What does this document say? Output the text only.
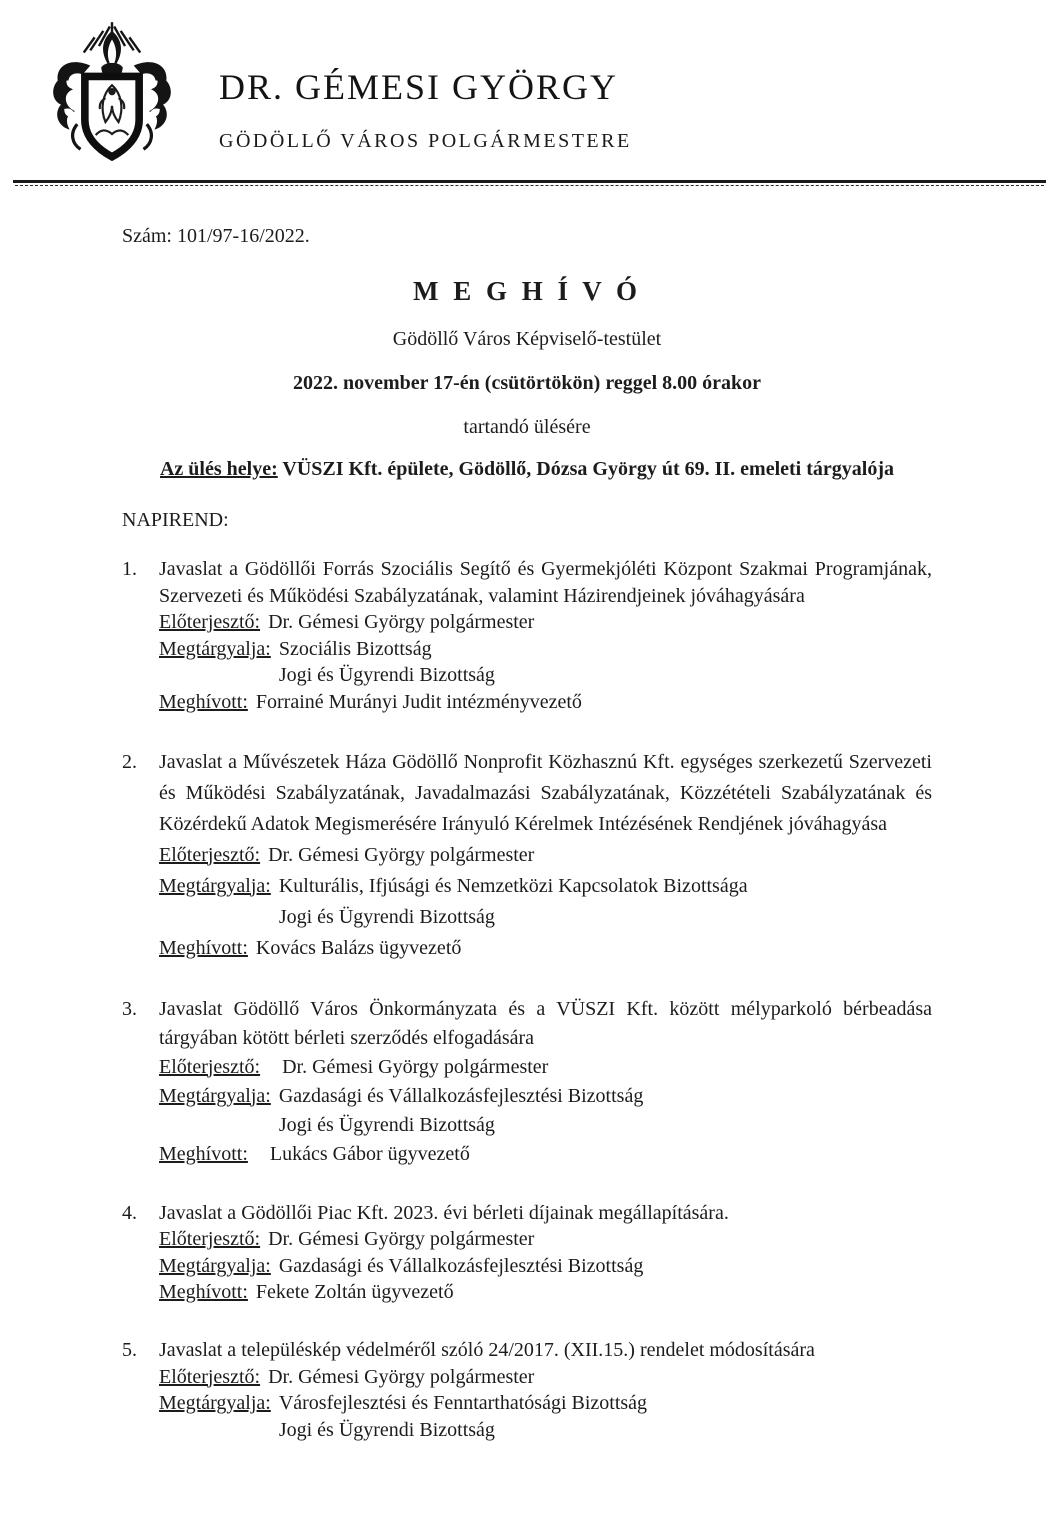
DR. GÉMESI GYÖRGY
GÖDÖLLŐ VÁROS POLGÁRMESTERE
Szám: 101/97-16/2022.
M E G H Í V Ó
Gödöllő Város Képviselő-testület
2022. november 17-én (csütörtökön) reggel 8.00 órakor
tartandó ülésére
Az ülés helye: VÜSZI Kft. épülete, Gödöllő, Dózsa György út 69. II. emeleti tárgyalója
NAPIREND:
1.	Javaslat a Gödöllői Forrás Szociális Segítő és Gyermekjóléti Központ Szakmai Programjának, Szervezeti és Működési Szabályzatának, valamint Házirendjeinek jóváhagyására
Előterjesztő: Dr. Gémesi György polgármester
Megtárgyalja: Szociális Bizottság
Jogi és Ügyrendi Bizottság
Meghívott: Forrainé Murányi Judit intézményvezető
2.	Javaslat a Művészetek Háza Gödöllő Nonprofit Közhasznú Kft. egységes szerkezetű Szervezeti és Működési Szabályzatának, Javadalmazási Szabályzatának, Közzétételi Szabályzatának és Közérdekű Adatok Megismerésére Irányuló Kérelmek Intézésének Rendjének jóváhagyása
Előterjesztő: Dr. Gémesi György polgármester
Megtárgyalja: Kulturális, Ifjúsági és Nemzetközi Kapcsolatok Bizottsága
Jogi és Ügyrendi Bizottság
Meghívott: Kovács Balázs ügyvezető
3.	Javaslat Gödöllő Város Önkormányzata és a VÜSZI Kft. között mélyparkoló bérbeadása tárgyában kötött bérleti szerződés elfogadására
Előterjesztő: Dr. Gémesi György polgármester
Megtárgyalja: Gazdasági és Vállalkozásfejlesztési Bizottság
Jogi és Ügyrendi Bizottság
Meghívott: Lukács Gábor ügyvezető
4.	Javaslat a Gödöllői Piac Kft. 2023. évi bérleti díjainak megállapítására.
Előterjesztő: Dr. Gémesi György polgármester
Megtárgyalja: Gazdasági és Vállalkozásfejlesztési Bizottság
Meghívott: Fekete Zoltán ügyvezető
5.	Javaslat a településkép védelméről szóló 24/2017. (XII.15.) rendelet módosítására
Előterjesztő: Dr. Gémesi György polgármester
Megtárgyalja: Városfejlesztési és Fenntarthatósági Bizottság
Jogi és Ügyrendi Bizottság
